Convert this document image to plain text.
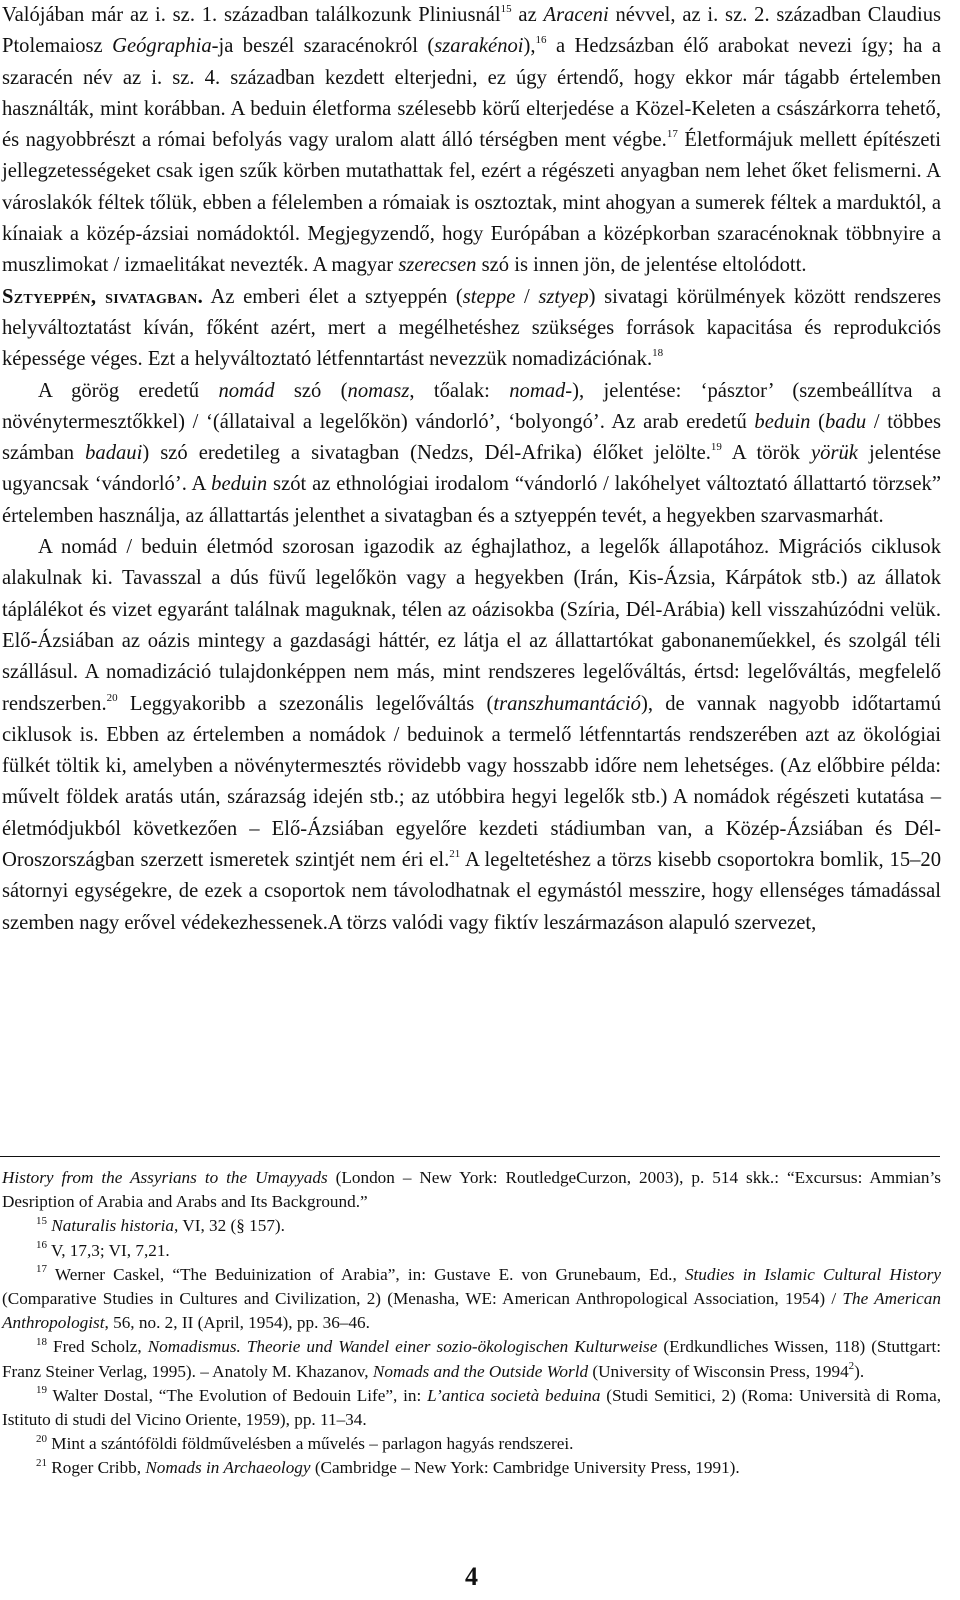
Valójában már az i. sz. 1. században találkozunk Pliniusnál$^{15}$ az Araceni névvel, az i. sz. 2. században Claudius Ptolemaiosz Geógraphia-ja beszél szaracénokról (szarakénoi),$^{16}$ a Hedzsázban élő arabokat nevezi így; ha a szaracén név az i. sz. 4. században kezdett elterjedni, ez úgy értendő, hogy ekkor már tágabb értelemben használták, mint korábban. A beduin életforma szélesebb körű elterjedése a Közel-Keleten a császárkorra tehető, és nagyobbrészt a római befolyás vagy uralom alatt álló térségben ment végbe.$^{17}$ Életformájuk mellett építészeti jellegzetességeket csak igen szűk körben mutathattak fel, ezért a régészeti anyagban nem lehet őket felismerni. A városlakók féltek tőlük, ebben a félelemben a rómaiak is osztoztak, mint ahogyan a sumerek féltek a marduktól, a kínaiak a közép-ázsiai nomádoktól. Megjegyzendő, hogy Európában a középkorban szaracénoknak többnyire a muszlimokat / izmaelitákat nevezték. A magyar szerecsen szó is innen jön, de jelentése eltolódott.

Sztyeppén, sivatagban. Az emberi élet a sztyeppén (steppe / sztyep) sivatagi körülmények között rendszeres helyváltoztatást kíván, főként azért, mert a megélhetéshez szükséges források kapacitása és reprodukciós képessége véges. Ezt a helyváltoztató létfenntartást nevezzük nomadizációnak.$^{18}$

A görög eredetű nomád szó (nomasz, tőalak: nomad-), jelentése: ‘pásztor’ (szembeállítva a növénytermesztőkkel) / ‘(állataival a legelőkön) vándorló’, ‘bolyongó’. Az arab eredetű beduin (badu / többes számban badaui) szó eredetileg a sivatagban (Nedzs, Dél-Afrika) élőket jelölte.$^{19}$ A török yörük jelentése ugyancsak ‘vándorló’. A beduin szót az ethnológiai irodalom “vándorló / lakóhelyet változtató állattartó törzsek” értelemben használja, az állattartás jelenthet a sivatagban és a sztyeppén tevét, a hegyekben szarvasmarhát.

A nomád / beduin életmód szorosan igazodik az éghajlathoz, a legelők állapotához. Migrációs ciklusok alakulnak ki. Tavasszal a dús füvű legelőkön vagy a hegyekben (Irán, Kis-Ázsia, Kárpátok stb.) az állatok táplálékot és vizet egyaránt találnak maguknak, télen az oázisokba (Szíria, Dél-Arábia) kell visszahúzódni velük. Elő-Ázsiában az oázis mintegy a gazdasági háttér, ez látja el az állattartókat gabonaneműekkel, és szolgál téli szállásul. A nomadizáció tulajdonképpen nem más, mint rendszeres legelőváltás, értsd: legelőváltás, megfelelő rendszerben.$^{20}$ Leggyakoribb a szezonális legelőváltás (transzhumantáció), de vannak nagyobb időtartamú ciklusok is. Ebben az értelemben a nomádok / beduinok a termelő létfenntartás rendszerében azt az ökológiai fülkét töltik ki, amelyben a növénytermesztés rövidebb vagy hosszabb időre nem lehetséges. (Az előbbire példa: művelt földek aratás után, szárazság idején stb.; az utóbbira hegyi legelők stb.) A nomádok régészeti kutatása – életmódjukból következően – Elő-Ázsiában egyelőre kezdeti stádiumban van, a Közép-Ázsiában és Dél-Oroszországban szerzett ismeretek szintjét nem éri el.$^{21}$ A legeltetéshez a törzs kisebb csoportokra bomlik, 15–20 sátornyi egységekre, de ezek a csoportok nem távolodhatnak el egymástól messzire, hogy ellenséges támadással szemben nagy erővel védekezhessenek.A törzs valódi vagy fiktív leszármazáson alapuló szervezet,

History from the Assyrians to the Umayyads (London – New York: RoutledgeCurzon, 2003), p. 514 skk.: “Excursus: Ammian’s Desription of Arabia and Arabs and Its Background.”

$^{15}$ Naturalis historia, VI, 32 (§ 157).

$^{16}$ V, 17,3; VI, 7,21.

$^{17}$ Werner Caskel, “The Beduinization of Arabia”, in: Gustave E. von Grunebaum, Ed., Studies in Islamic Cultural History (Comparative Studies in Cultures and Civilization, 2) (Menasha, WE: American Anthropological Association, 1954) / The American Anthropologist, 56, no. 2, II (April, 1954), pp. 36–46.

$^{18}$ Fred Scholz, Nomadismus. Theorie und Wandel einer sozio-ökologischen Kulturweise (Erdkundliches Wissen, 118) (Stuttgart: Franz Steiner Verlag, 1995). – Anatoly M. Khazanov, Nomads and the Outside World (University of Wisconsin Press, 1994$^2$).

$^{19}$ Walter Dostal, “The Evolution of Bedouin Life”, in: L’antica società beduina (Studi Semitici, 2) (Roma: Università di Roma, Istituto di studi del Vicino Oriente, 1959), pp. 11–34.

$^{20}$ Mint a szántóföldi földművelésben a művelés – parlagon hagyás rendszerei.

$^{21}$ Roger Cribb, Nomads in Archaeology (Cambridge – New York: Cambridge University Press, 1991).

4
